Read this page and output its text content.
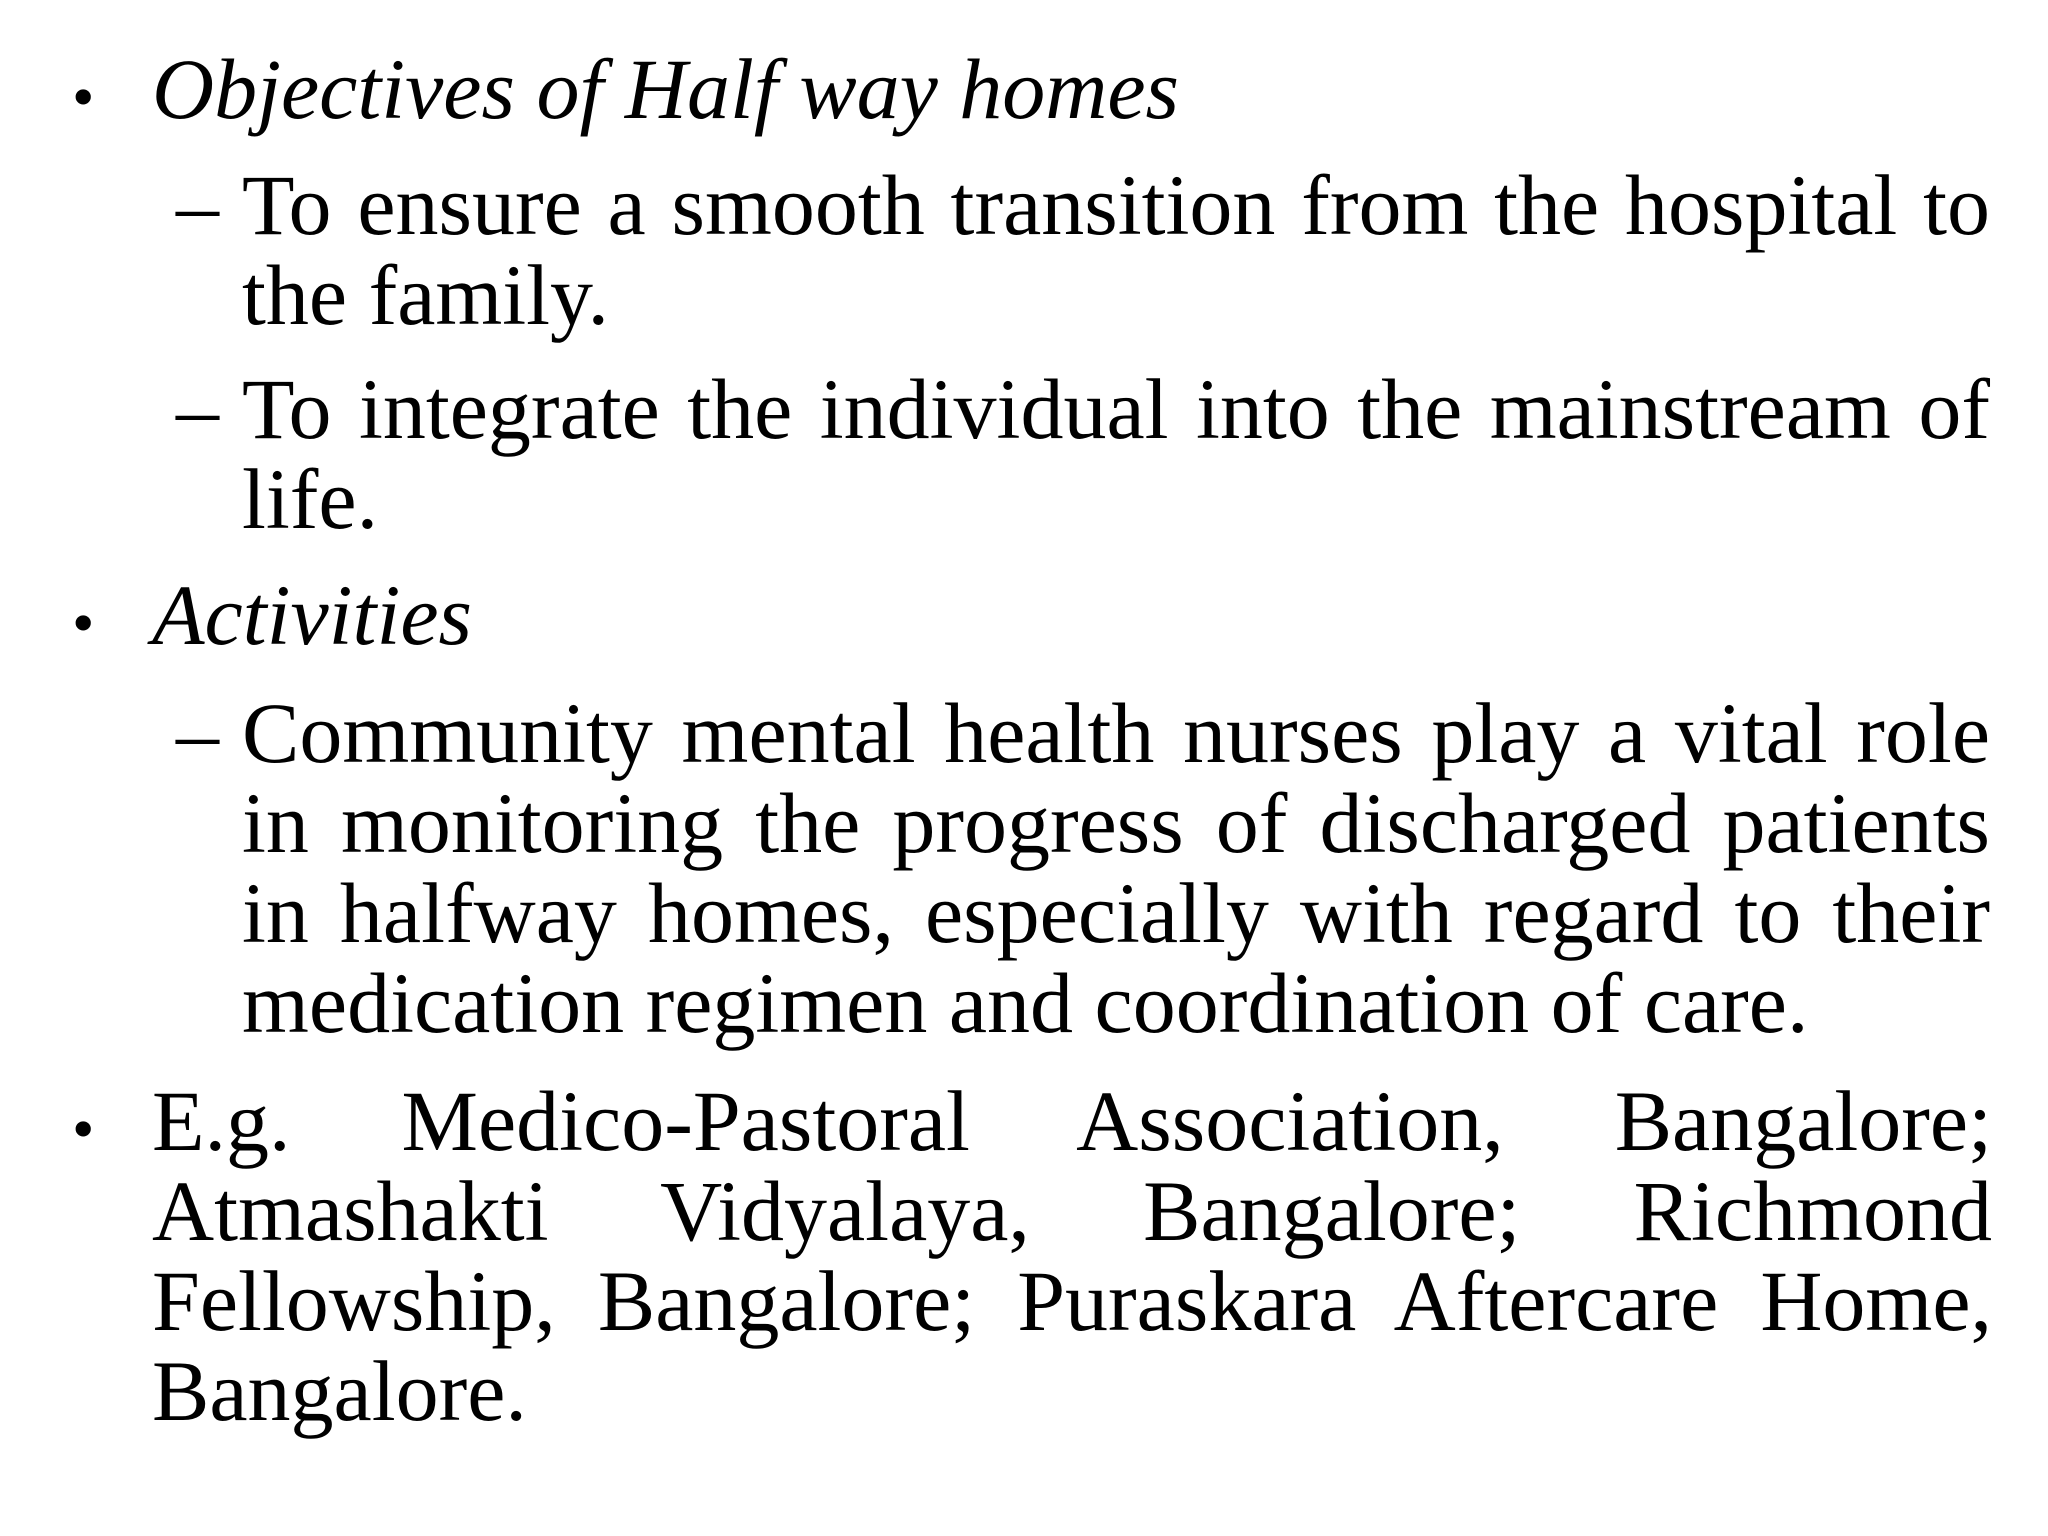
• Objectives of Half way homes
– To ensure a smooth transition from the hospital to the family.
– To integrate the individual into the mainstream of life.
• Activities
– Community mental health nurses play a vital role in monitoring the progress of discharged patients in halfway homes, especially with regard to their medication regimen and coordination of care.
• E.g. Medico-Pastoral Association, Bangalore; Atmashakti Vidyalaya, Bangalore; Richmond Fellowship, Bangalore; Puraskara Aftercare Home, Bangalore.
